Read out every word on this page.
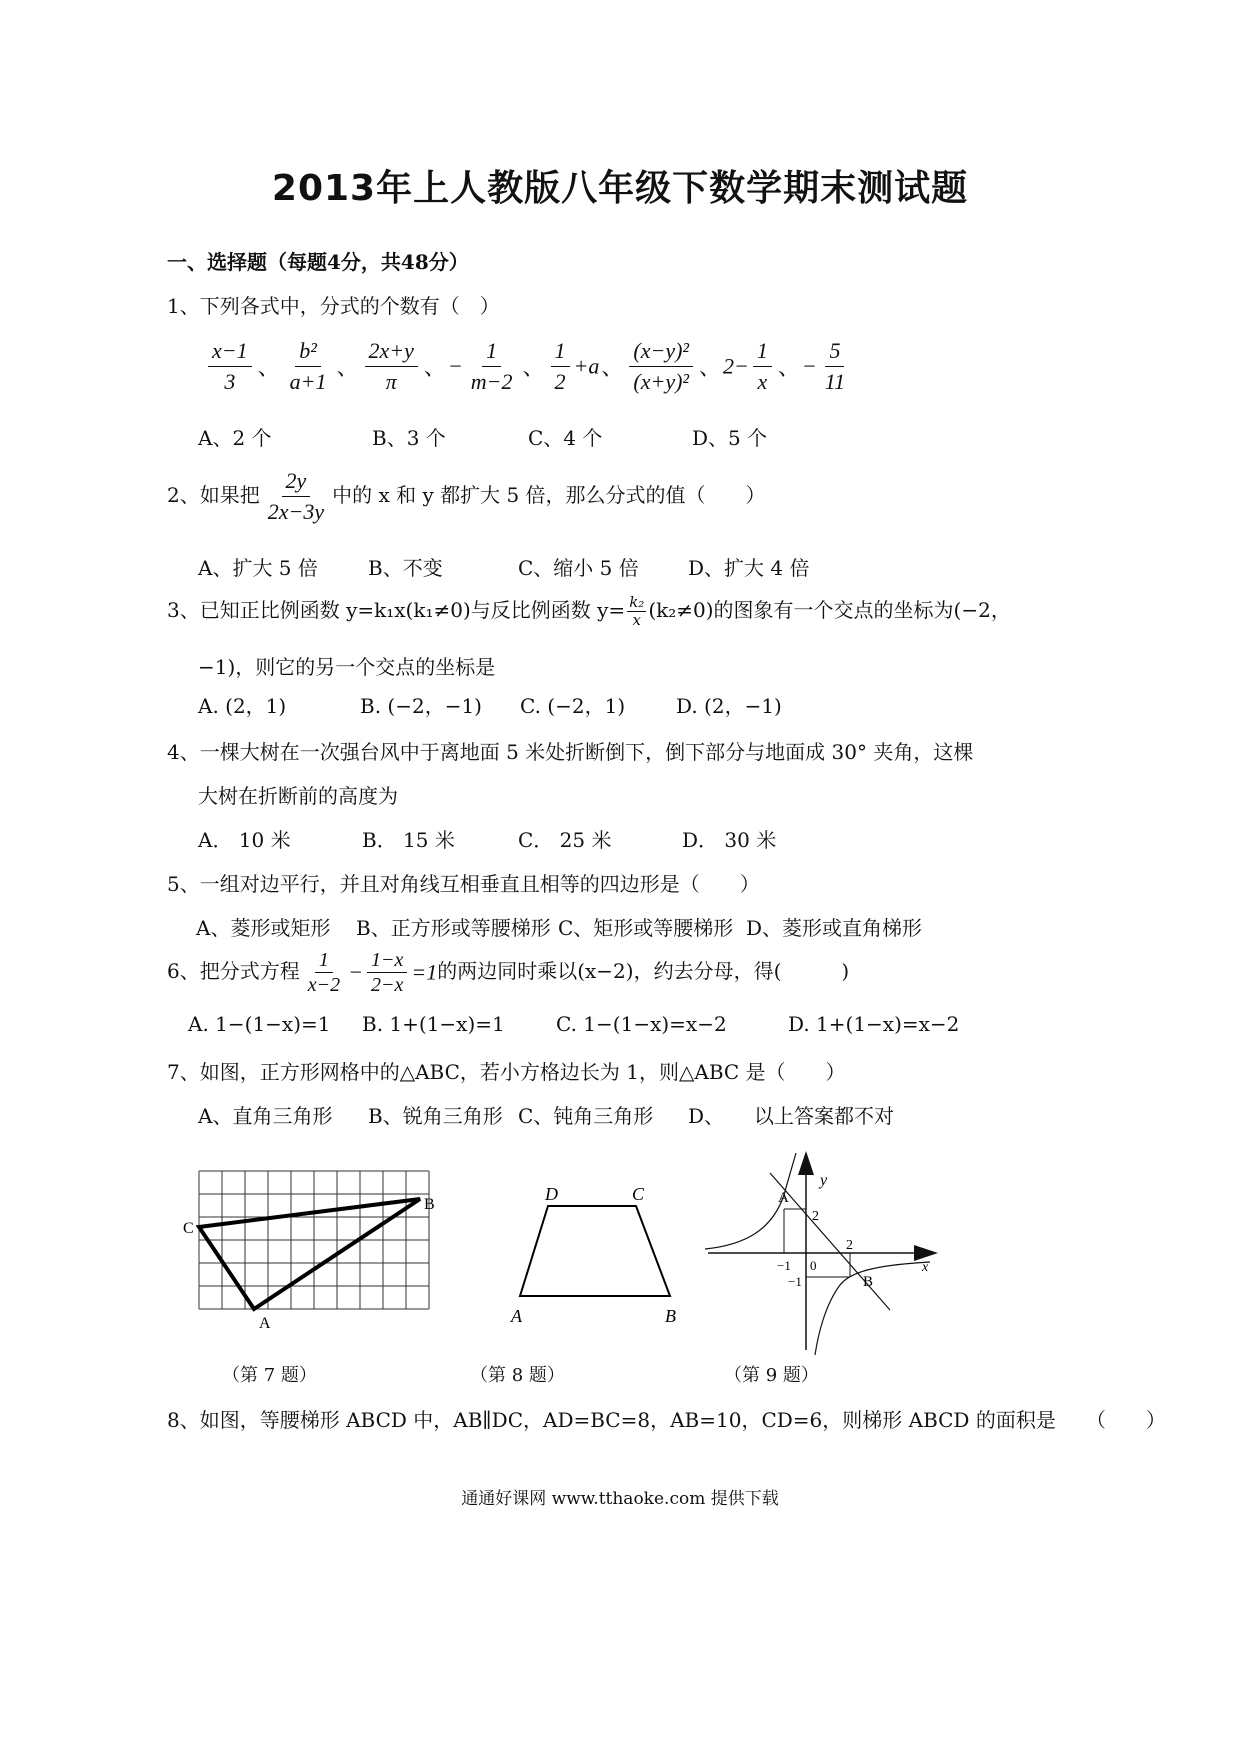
2013年上人教版八年级下数学期末测试题
一、选择题（每题4分，共48分）
1、下列各式中，分式的个数有（　）
$\frac{x-1}{3}$ 、 $\frac{\text{b²}}{a+1}$ 、 $\frac{2x+y}{\pi}$ 、− $\frac{1}{m-2}$ 、 $\frac{1}{2} +a$、 $\frac{\text{(x−y)²}}{\text{(x+y)²}}$ 、$2- \frac{1}{x}$ 、− $\frac{5}{11}$
A、2 个	B、3 个	C、4 个	D、5 个
2、如果把 $\frac{2y}{2x-3y}$ 中的 x 和 y 都扩大 5 倍，那么分式的值（　　）
A、扩大 5 倍	B、不变	C、缩小 5 倍 D、扩大 4 倍
3、已知正比例函数 y=k₁x(k₁≠0)与反比例函数 $y= \frac{\text{k₂}}{x} (k_2\ne 0)$的图象有一个交点的坐标为(−2，
−1)，则它的另一个交点的坐标是
A. (2，1)	B. (−2，−1) C. (−2，1)	D. (2，−1)
4、一棵大树在一次强台风中于离地面 5 米处折断倒下，倒下部分与地面成 30° 夹角，这棵
大树在折断前的高度为
A． 10 米	B． 15 米	C． 25 米	D． 30 米
5、一组对边平行，并且对角线互相垂直且相等的四边形是（　　）
A、菱形或矩形 B、正方形或等腰梯形 C、矩形或等腰梯形 D、菱形或直角梯形
6、把分式方程 $\frac{1}{x-2} - \frac{1-x}{2-x} =1$的两边同时乘以(x−2)，约去分母，得(　　　)
A. 1−(1−x)=1 B. 1+(1−x)=1	C. 1−(1−x)=x−2	D. 1+(1−x)=x−2
7、如图，正方形网格中的△ABC，若小方格边长为 1，则△ABC 是（　　）
A、直角三角形 B、锐角三角形 C、钝角三角形 D、　　以上答案都不对
C
B
A
D	C
A	B
y
x
A
B
2
−1 0
2
−1
（第 7 题）	（第 8 题）	（第 9 题）
8、如图，等腰梯形 ABCD 中，AB∥DC，AD=BC=8，AB=10，CD=6，则梯形 ABCD 的面积是　　（　　）
通通好课网 www.tthaoke.com 提供下载
